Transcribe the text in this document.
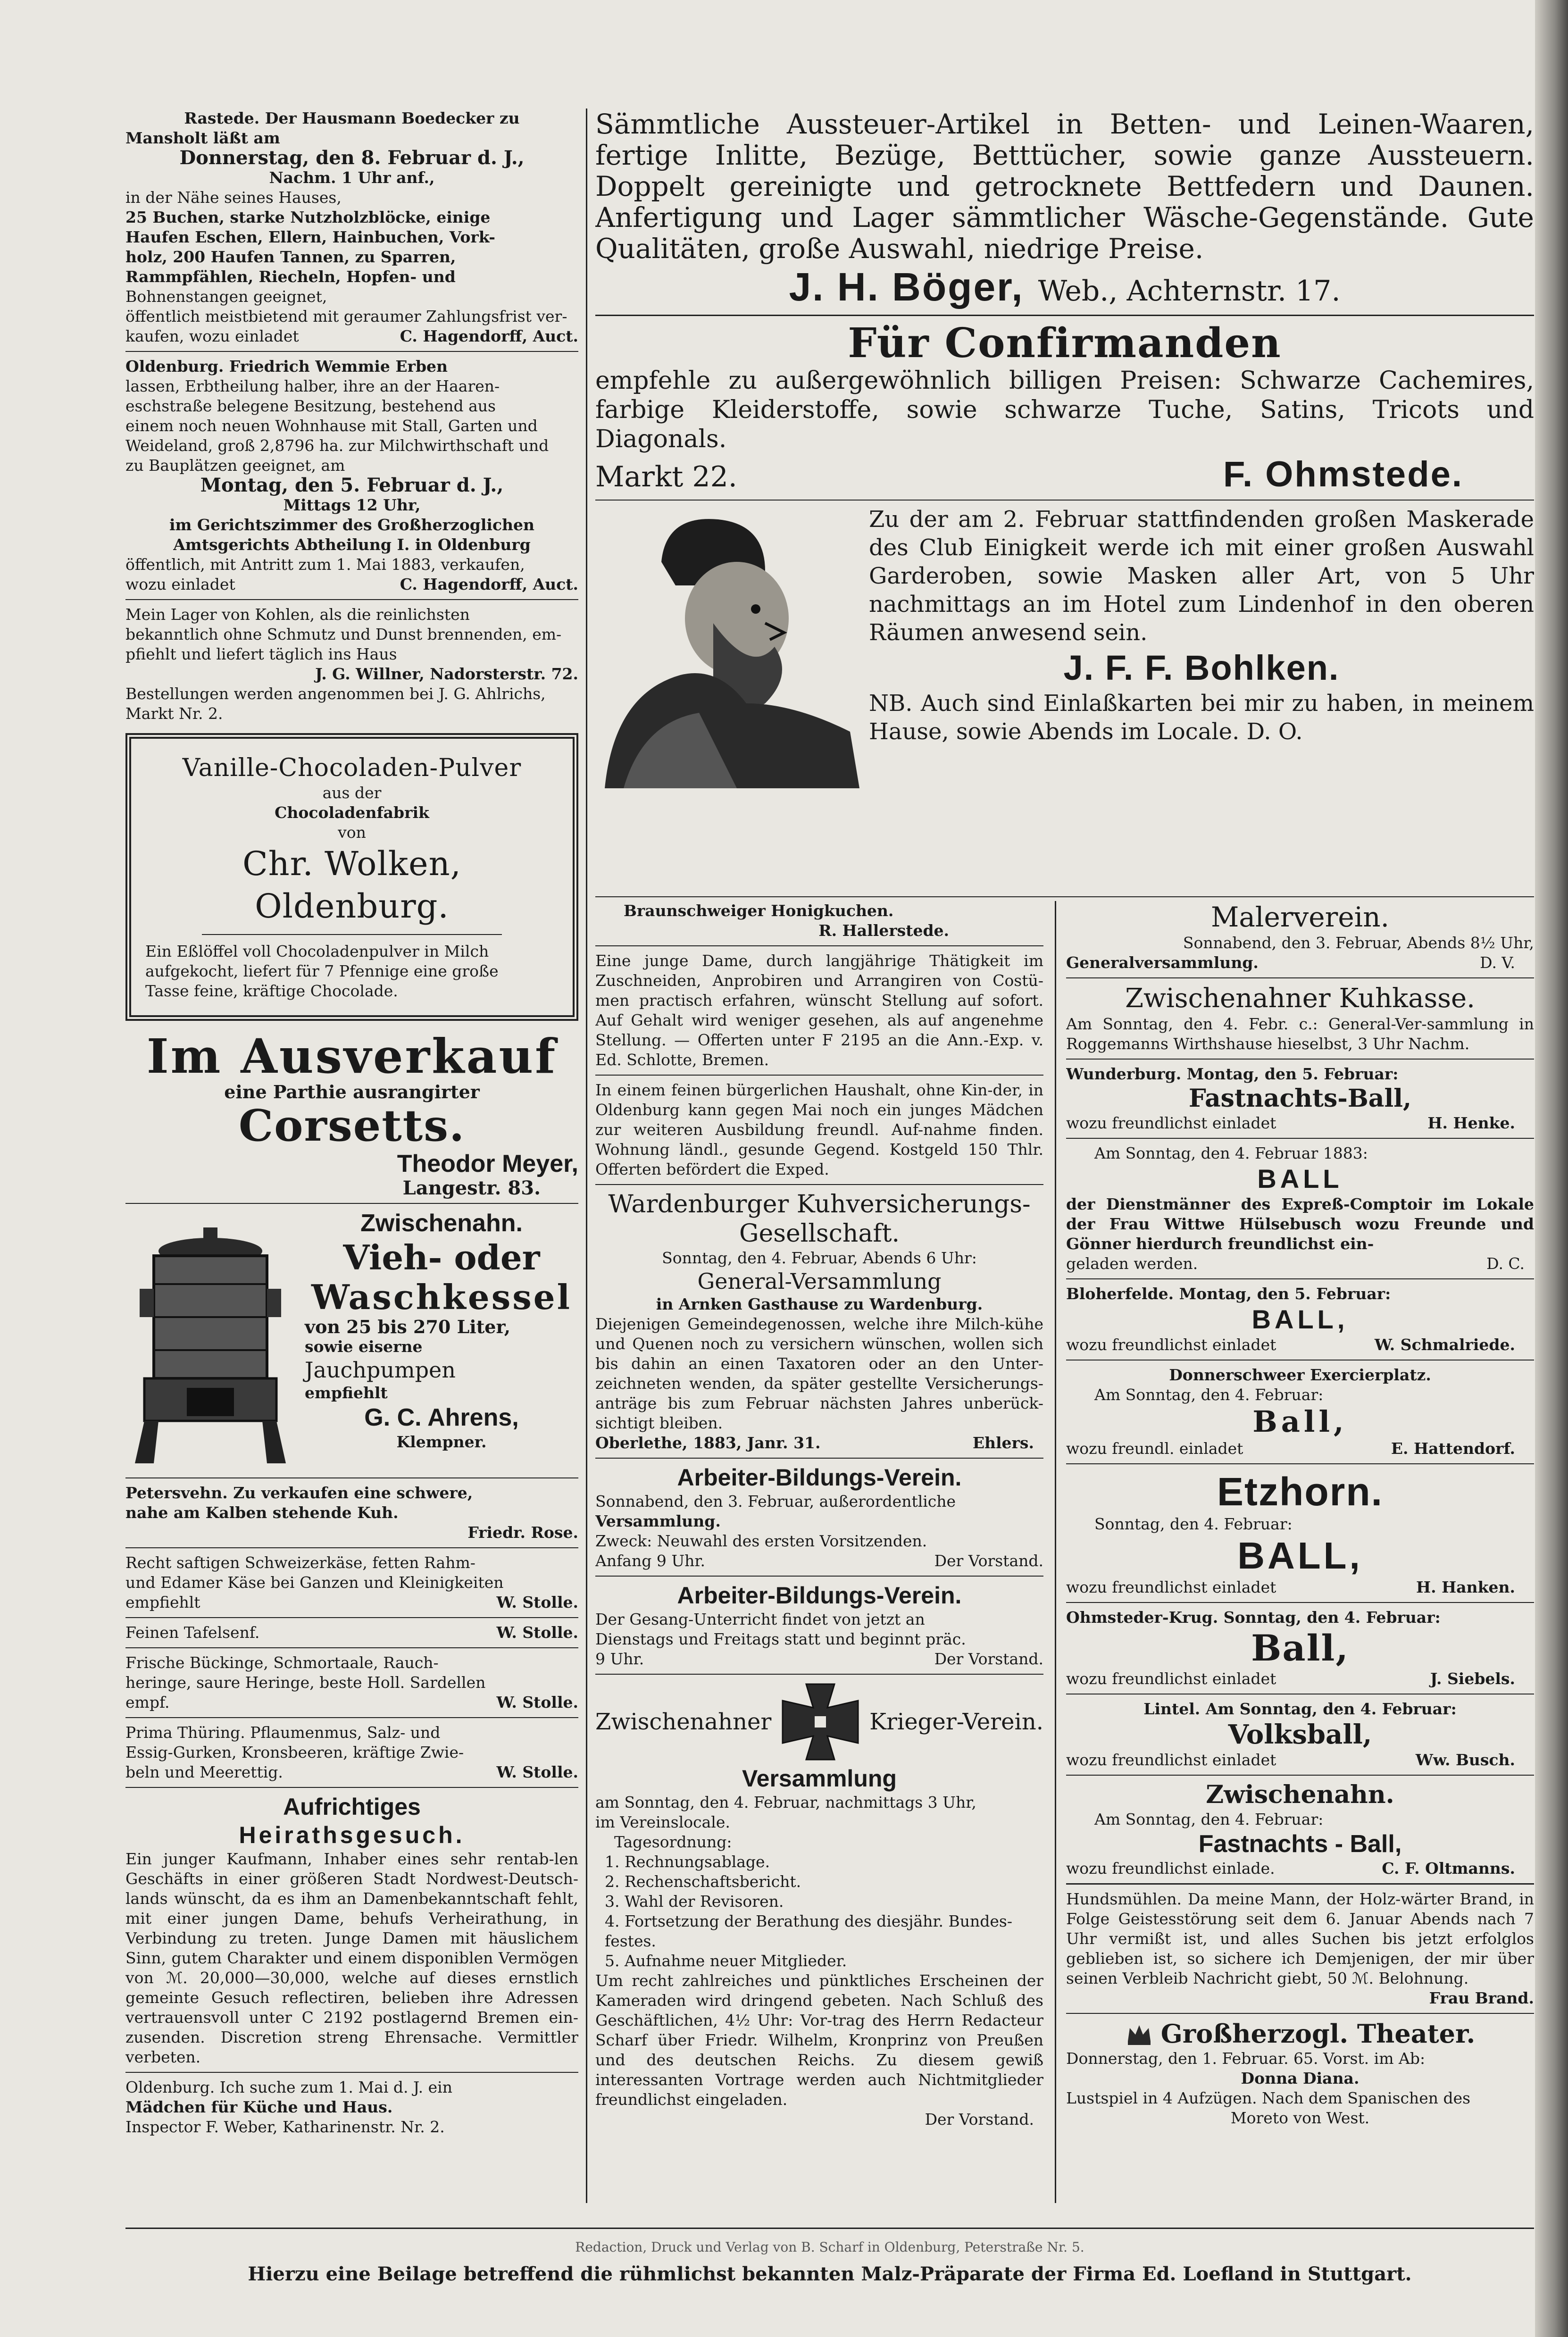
Rastede. Der Hausmann Boedecker zu

Mansholt läßt am

Donnerstag, den 8. Februar d. J.,

Nachm. 1 Uhr anf.,

in der Nähe seines Hauses,

25 Buchen, starke Nutzholzblöcke, einige

Haufen Eschen, Ellern, Hainbuchen, Vork-

holz, 200 Haufen Tannen, zu Sparren,

Rammpfählen, Riecheln, Hopfen- und

Bohnenstangen geeignet,

öffentlich meistbietend mit geraumer Zahlungsfrist ver-

kaufen, wozu einladet	C. Hagendorff, Auct.

Oldenburg. Friedrich Wemmie Erben

lassen, Erbtheilung halber, ihre an der Haaren-

eschstraße belegene Besitzung, bestehend aus

einem noch neuen Wohnhause mit Stall, Garten und

Weideland, groß 2,8796 ha. zur Milchwirthschaft und

zu Bauplätzen geeignet, am

Montag, den 5. Februar d. J.,

Mittags 12 Uhr,

im Gerichtszimmer des Großherzoglichen

Amtsgerichts Abtheilung I. in Oldenburg

öffentlich, mit Antritt zum 1. Mai 1883, verkaufen,

wozu einladet	C. Hagendorff, Auct.

Mein Lager von Kohlen, als die reinlichsten

bekanntlich ohne Schmutz und Dunst brennenden, em-

pfiehlt und liefert täglich ins Haus

J. G. Willner, Nadorsterstr. 72.

Bestellungen werden angenommen bei J. G. Ahlrichs,

Markt Nr. 2.

Vanille-Chocoladen-Pulver

aus der

Chocoladenfabrik

von

Chr. Wolken, Oldenburg.

Ein Eßlöffel voll Chocoladenpulver in Milch

aufgekocht, liefert für 7 Pfennige eine große

Tasse feine, kräftige Chocolade.

Im Ausverkauf

eine Parthie ausrangirter

Corsetts.

Theodor Meyer,

Langestr. 83.

Zwischenahn.

Vieh- oder

Waschkessel

von 25 bis 270 Liter,

sowie eiserne

Jauchpumpen

empfiehlt

G. C. Ahrens,

Klempner.

Petersvehn. Zu verkaufen eine schwere,

nahe am Kalben stehende Kuh.

Friedr. Rose.

Recht saftigen Schweizerkäse, fetten Rahm-

und Edamer Käse bei Ganzen und Kleinigkeiten

empfiehlt	W. Stolle.
Feinen Tafelsenf.	W. Stolle.

Frische Bückinge, Schmortaale, Rauch-

heringe, saure Heringe, beste Holl. Sardellen

empf.	W. Stolle.

Prima Thüring. Pflaumenmus, Salz- und

Essig-Gurken, Kronsbeeren, kräftige Zwie-

beln und Meerettig.	W. Stolle.

Aufrichtiges

Heirathsgesuch.

Ein junger Kaufmann, Inhaber eines sehr rentab-len Geschäfts in einer größeren Stadt Nordwest-Deutsch-lands wünscht, da es ihm an Damenbekanntschaft fehlt, mit einer jungen Dame, behufs Verheirathung, in Verbindung zu treten. Junge Damen mit häuslichem Sinn, gutem Charakter und einem disponiblen Vermögen von ℳ. 20,000—30,000, welche auf dieses ernstlich gemeinte Gesuch reflectiren, belieben ihre Adressen vertrauensvoll unter C 2192 postlagernd Bremen ein-zusenden. Discretion streng Ehrensache. Vermittler verbeten.

Oldenburg. Ich suche zum 1. Mai d. J. ein

Mädchen für Küche und Haus.

Inspector F. Weber, Katharinenstr. Nr. 2.

Sämmtliche Aussteuer-Artikel in Betten- und Leinen-Waaren, fertige Inlitte, Bezüge, Betttücher, sowie ganze Aussteuern. Doppelt gereinigte und getrocknete Bettfedern und Daunen. Anfertigung und Lager sämmtlicher Wäsche-Gegenstände. Gute Qualitäten, große Auswahl, niedrige Preise.

J. H. Böger, Web., Achternstr. 17.

Für Confirmanden

empfehle zu außergewöhnlich billigen Preisen: Schwarze Cachemires, farbige Kleiderstoffe, sowie schwarze Tuche, Satins, Tricots und Diagonals.

Markt 22.	F. Ohmstede.

Zu der am 2. Februar stattfindenden großen Maskerade des Club Einigkeit werde ich mit einer großen Auswahl Garderoben, sowie Masken aller Art, von 5 Uhr nachmittags an im Hotel zum Lindenhof in den oberen Räumen anwesend sein.

J. F. F. Bohlken.

NB. Auch sind Einlaßkarten bei mir zu haben, in meinem Hause, sowie Abends im Locale. D. O.

Braunschweiger Honigkuchen.

R. Hallerstede.

Eine junge Dame, durch langjährige Thätigkeit im Zuschneiden, Anprobiren und Arrangiren von Costü-men practisch erfahren, wünscht Stellung auf sofort. Auf Gehalt wird weniger gesehen, als auf angenehme Stellung. — Offerten unter F 2195 an die Ann.-Exp. v. Ed. Schlotte, Bremen.

In einem feinen bürgerlichen Haushalt, ohne Kin-der, in Oldenburg kann gegen Mai noch ein junges Mädchen zur weiteren Ausbildung freundl. Auf-nahme finden. Wohnung ländl., gesunde Gegend. Kostgeld 150 Thlr. Offerten befördert die Exped.

Wardenburger Kuhversicherungs-

Gesellschaft.

Sonntag, den 4. Februar, Abends 6 Uhr:

General-Versammlung

in Arnken Gasthause zu Wardenburg.

Diejenigen Gemeindegenossen, welche ihre Milch-kühe und Quenen noch zu versichern wünschen, wollen sich bis dahin an einen Taxatoren oder an den Unter-zeichneten wenden, da später gestellte Versicherungs-anträge bis zum Februar nächsten Jahres unberück-sichtigt bleiben.

Oberlethe, 1883, Janr. 31.	Ehlers.

Arbeiter-Bildungs-Verein.

Sonnabend, den 3. Februar, außerordentliche

Versammlung.

Zweck: Neuwahl des ersten Vorsitzenden.

Anfang 9 Uhr.	Der Vorstand.

Arbeiter-Bildungs-Verein.

Der Gesang-Unterricht findet von jetzt an

Dienstags und Freitags statt und beginnt präc.

9 Uhr.	Der Vorstand.
Zwischenahner	Krieger-Verein.

Versammlung

am Sonntag, den 4. Februar, nachmittags 3 Uhr,

im Vereinslocale.

Tagesordnung:

1. Rechnungsablage.

2. Rechenschaftsbericht.

3. Wahl der Revisoren.

4. Fortsetzung der Berathung des diesjähr. Bundes-festes.

5. Aufnahme neuer Mitglieder.

Um recht zahlreiches und pünktliches Erscheinen der Kameraden wird dringend gebeten. Nach Schluß des Geschäftlichen, 4½ Uhr: Vor-trag des Herrn Redacteur Scharf über Friedr. Wilhelm, Kronprinz von Preußen und des deutschen Reichs. Zu diesem gewiß interessanten Vortrage werden auch Nichtmitglieder freundlichst eingeladen.

Der Vorstand.

Malerverein.

Sonnabend, den 3. Februar, Abends 8½ Uhr,

Generalversammlung.	D. V.

Zwischenahner Kuhkasse.

Am Sonntag, den 4. Febr. c.: General-Ver-sammlung in Roggemanns Wirthshause hieselbst, 3 Uhr Nachm.

Wunderburg. Montag, den 5. Februar:

Fastnachts-Ball,

wozu freundlichst einladet	H. Henke.

Am Sonntag, den 4. Februar 1883:

BALL

der Dienstmänner des Expreß-Comptoir im Lokale der Frau Wittwe Hülsebusch wozu Freunde und Gönner hierdurch freundlichst ein-

geladen werden.	D. C.

Bloherfelde. Montag, den 5. Februar:

BALL,

wozu freundlichst einladet	W. Schmalriede.

Donnerschweer Exercierplatz.

Am Sonntag, den 4. Februar:

Ball,

wozu freundl. einladet	E. Hattendorf.

Etzhorn.

Sonntag, den 4. Februar:

BALL,

wozu freundlichst einladet	H. Hanken.

Ohmsteder-Krug. Sonntag, den 4. Februar:

Ball,

wozu freundlichst einladet	J. Siebels.

Lintel. Am Sonntag, den 4. Februar:

Volksball,

wozu freundlichst einladet	Ww. Busch.

Zwischenahn.

Am Sonntag, den 4. Februar:

Fastnachts - Ball,

wozu freundlichst einlade.	C. F. Oltmanns.

Hundsmühlen. Da meine Mann, der Holz-wärter Brand, in Folge Geistesstörung seit dem 6. Januar Abends nach 7 Uhr vermißt ist, und alles Suchen bis jetzt erfolglos geblieben ist, so sichere ich Demjenigen, der mir über seinen Verbleib Nachricht giebt, 50 ℳ. Belohnung.

Frau Brand.

Großherzogl. Theater.

Donnerstag, den 1. Februar. 65. Vorst. im Ab:

Donna Diana.

Lustspiel in 4 Aufzügen. Nach dem Spanischen des

Moreto von West.

Redaction, Druck und Verlag von B. Scharf in Oldenburg, Peterstraße Nr. 5.

Hierzu eine Beilage betreffend die rühmlichst bekannten Malz-Präparate der Firma Ed. Loefland in Stuttgart.
